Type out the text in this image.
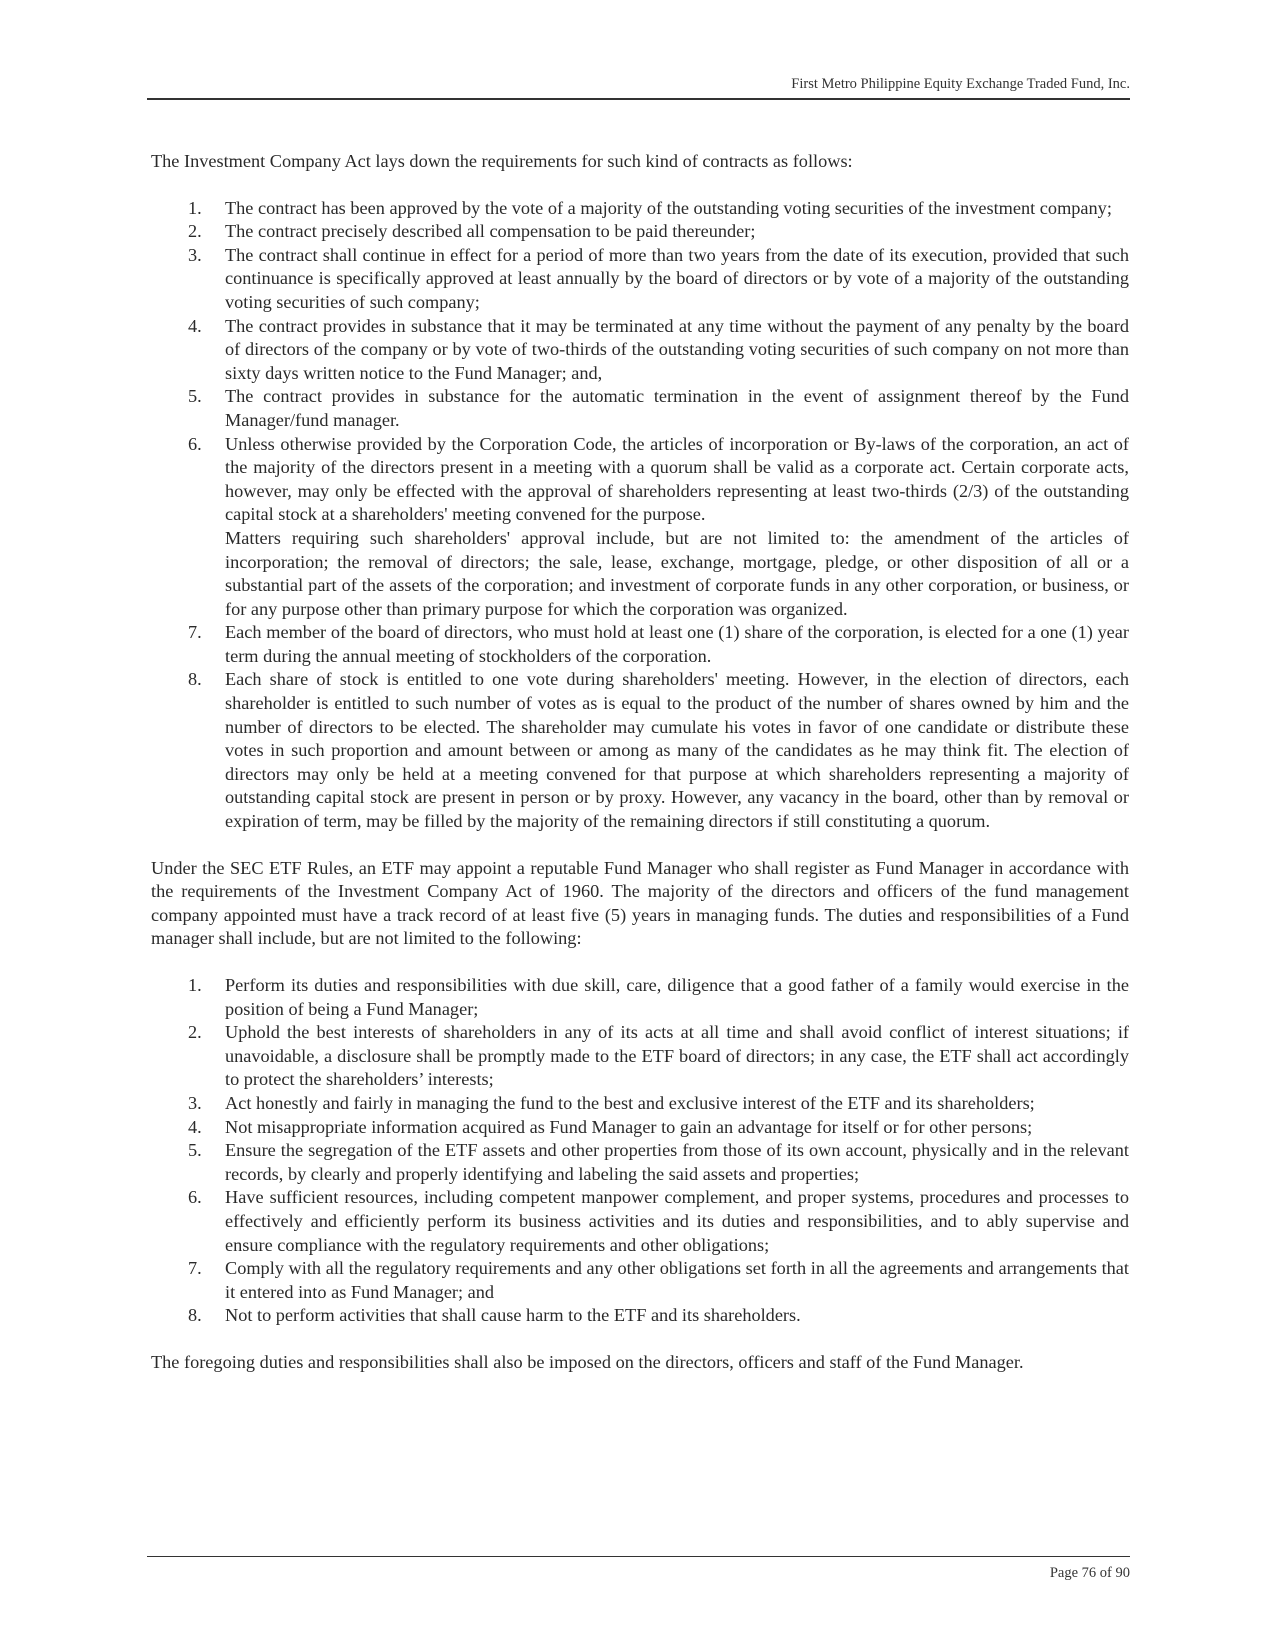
First Metro Philippine Equity Exchange Traded Fund, Inc.

The Investment Company Act lays down the requirements for such kind of contracts as follows:

1. The contract has been approved by the vote of a majority of the outstanding voting securities of the investment company;
2. The contract precisely described all compensation to be paid thereunder;
3. The contract shall continue in effect for a period of more than two years from the date of its execution, provided that such continuance is specifically approved at least annually by the board of directors or by vote of a majority of the outstanding voting securities of such company;
4. The contract provides in substance that it may be terminated at any time without the payment of any penalty by the board of directors of the company or by vote of two-thirds of the outstanding voting securities of such company on not more than sixty days written notice to the Fund Manager; and,
5. The contract provides in substance for the automatic termination in the event of assignment thereof by the Fund Manager/fund manager.
6. Unless otherwise provided by the Corporation Code, the articles of incorporation or By-laws of the corporation, an act of the majority of the directors present in a meeting with a quorum shall be valid as a corporate act. Certain corporate acts, however, may only be effected with the approval of shareholders representing at least two-thirds (2/3) of the outstanding capital stock at a shareholders' meeting convened for the purpose.
Matters requiring such shareholders' approval include, but are not limited to: the amendment of the articles of incorporation; the removal of directors; the sale, lease, exchange, mortgage, pledge, or other disposition of all or a substantial part of the assets of the corporation; and investment of corporate funds in any other corporation, or business, or for any purpose other than primary purpose for which the corporation was organized.
7. Each member of the board of directors, who must hold at least one (1) share of the corporation, is elected for a one (1) year term during the annual meeting of stockholders of the corporation.
8. Each share of stock is entitled to one vote during shareholders' meeting. However, in the election of directors, each shareholder is entitled to such number of votes as is equal to the product of the number of shares owned by him and the number of directors to be elected. The shareholder may cumulate his votes in favor of one candidate or distribute these votes in such proportion and amount between or among as many of the candidates as he may think fit. The election of directors may only be held at a meeting convened for that purpose at which shareholders representing a majority of outstanding capital stock are present in person or by proxy. However, any vacancy in the board, other than by removal or expiration of term, may be filled by the majority of the remaining directors if still constituting a quorum.

Under the SEC ETF Rules, an ETF may appoint a reputable Fund Manager who shall register as Fund Manager in accordance with the requirements of the Investment Company Act of 1960. The majority of the directors and officers of the fund management company appointed must have a track record of at least five (5) years in managing funds. The duties and responsibilities of a Fund manager shall include, but are not limited to the following:

1. Perform its duties and responsibilities with due skill, care, diligence that a good father of a family would exercise in the position of being a Fund Manager;
2. Uphold the best interests of shareholders in any of its acts at all time and shall avoid conflict of interest situations; if unavoidable, a disclosure shall be promptly made to the ETF board of directors; in any case, the ETF shall act accordingly to protect the shareholders’ interests;
3. Act honestly and fairly in managing the fund to the best and exclusive interest of the ETF and its shareholders;
4. Not misappropriate information acquired as Fund Manager to gain an advantage for itself or for other persons;
5. Ensure the segregation of the ETF assets and other properties from those of its own account, physically and in the relevant records, by clearly and properly identifying and labeling the said assets and properties;
6. Have sufficient resources, including competent manpower complement, and proper systems, procedures and processes to effectively and efficiently perform its business activities and its duties and responsibilities, and to ably supervise and ensure compliance with the regulatory requirements and other obligations;
7. Comply with all the regulatory requirements and any other obligations set forth in all the agreements and arrangements that it entered into as Fund Manager; and
8. Not to perform activities that shall cause harm to the ETF and its shareholders.

The foregoing duties and responsibilities shall also be imposed on the directors, officers and staff of the Fund Manager.

Page 76 of 90
